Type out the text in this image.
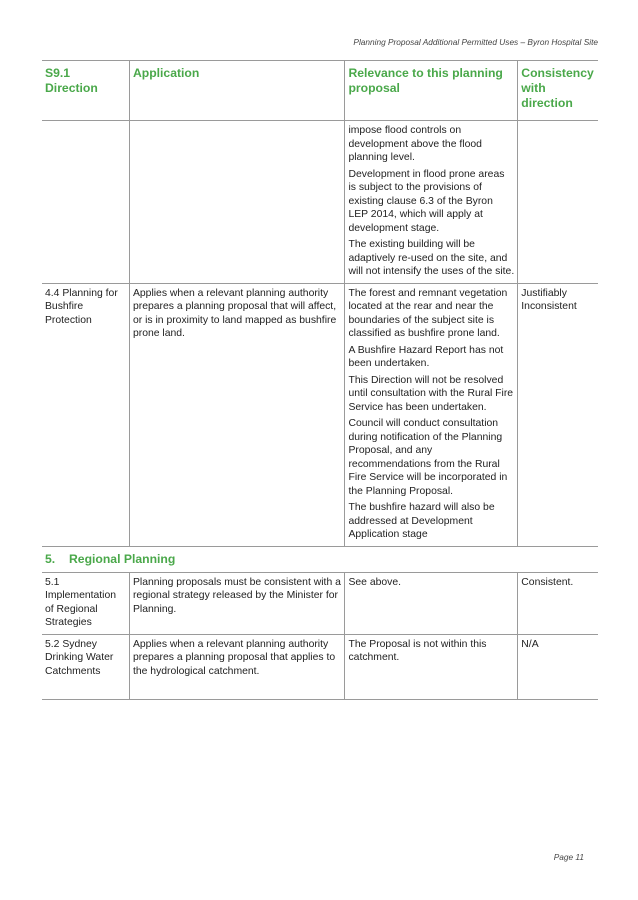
Planning Proposal Additional Permitted Uses – Byron Hospital Site
S9.1 Direction	Application	Relevance to this planning proposal	Consistency with direction

		impose flood controls on development above the flood planning level.

Development in flood prone areas is subject to the provisions of existing clause 6.3 of the Byron LEP 2014, which will apply at development stage.

The existing building will be adaptively re-used on the site, and will not intensify the uses of the site.	

4.4 Planning for Bushfire Protection	Applies when a relevant planning authority prepares a planning proposal that will affect, or is in proximity to land mapped as bushfire prone land.	The forest and remnant vegetation located at the rear and near the boundaries of the subject site is classified as bushfire prone land.

A Bushfire Hazard Report has not been undertaken.

This Direction will not be resolved until consultation with the Rural Fire Service has been undertaken.

Council will conduct consultation during notification of the Planning Proposal, and any recommendations from the Rural Fire Service will be incorporated in the Planning Proposal.

The bushfire hazard will also be addressed at Development Application stage	Justifiably Inconsistent
5. Regional Planning			
5.1 Implementation of Regional Strategies	Planning proposals must be consistent with a regional strategy released by the Minister for Planning.	See above.	Consistent.
5.2 Sydney Drinking Water Catchments	Applies when a relevant planning authority prepares a planning proposal that applies to the hydrological catchment.	The Proposal is not within this catchment.	N/A
Page 11
